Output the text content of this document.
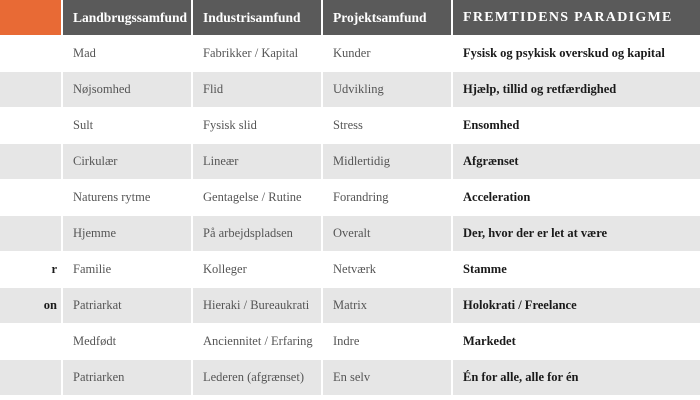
	Landbrugssamfund	Industrisamfund	Projektsamfund	FREMTIDENS PARADIGME
	Mad	Fabrikker / Kapital	Kunder	Fysisk og psykisk overskud og kapital
	Nøjsomhed	Flid	Udvikling	Hjælp, tillid og retfærdighed
	Sult	Fysisk slid	Stress	Ensomhed
	Cirkulær	Lineær	Midlertidig	Afgrænset
	Naturens rytme	Gentagelse / Rutine	Forandring	Acceleration
	Hjemme	På arbejdspladsen	Overalt	Der, hvor der er let at være
r	Familie	Kolleger	Netværk	Stamme
on	Patriarkat	Hieraki / Bureaukrati	Matrix	Holokrati / Freelance
	Medfødt	Anciennitet / Erfaring	Indre	Markedet
	Patriarken	Lederen (afgrænset)	En selv	Én for alle, alle for én
